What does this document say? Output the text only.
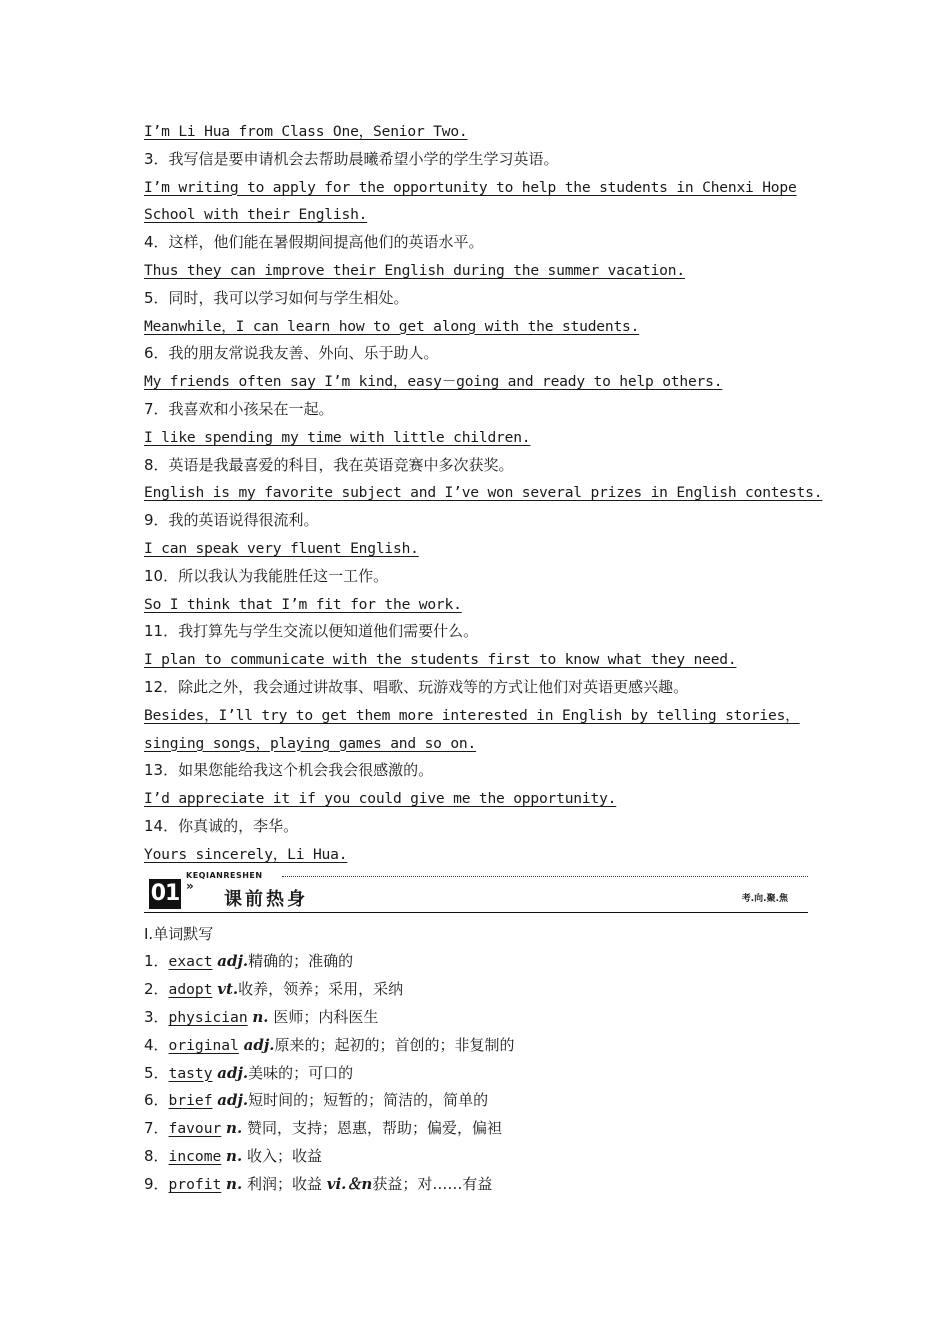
I’m Li Hua from Class One，Senior Two.
3．我写信是要申请机会去帮助晨曦希望小学的学生学习英语。
I’m writing to apply for the opportunity to help the students in Chenxi Hope School with their English.
4．这样，他们能在暑假期间提高他们的英语水平。
Thus they can improve their English during the summer vacation.
5．同时，我可以学习如何与学生相处。
Meanwhile，I can learn how to get along with the students.
6．我的朋友常说我友善、外向、乐于助人。
My friends often say I’m kind，easy－going and ready to help others.
7．我喜欢和小孩呆在一起。
I like spending my time with little children.
8．英语是我最喜爱的科目，我在英语竞赛中多次获奖。
English is my favorite subject and I’ve won several prizes in English contests.
9．我的英语说得很流利。
I can speak very fluent English.
10．所以我认为我能胜任这一工作。
So I think that I’m fit for the work.
11．我打算先与学生交流以便知道他们需要什么。
I plan to communicate with the students first to know what they need.
12．除此之外，我会通过讲故事、唱歌、玩游戏等的方式让他们对英语更感兴趣。
Besides，I’ll try to get them more interested in English by telling stories，singing songs，playing games and so on.
13．如果您能给我这个机会我会很感激的。
I’d appreciate it if you could give me the opportunity.
14．你真诚的，李华。
Yours sincerely，Li Hua.
01
KEQIANRESHEN
»
课前热身	考.向.聚.焦
Ⅰ.单词默写
1．exact adj.精确的；准确的
2．adopt vt.收养，领养；采用，采纳
3．physician n. 医师；内科医生
4．original adj.原来的；起初的；首创的；非复制的
5．tasty adj.美味的；可口的
6．brief adj.短时间的；短暂的；简洁的，简单的
7．favour n. 赞同，支持；恩惠，帮助；偏爱，偏袒
8．income n. 收入；收益
9．profit n. 利润；收益 vi.＆n获益；对……有益
